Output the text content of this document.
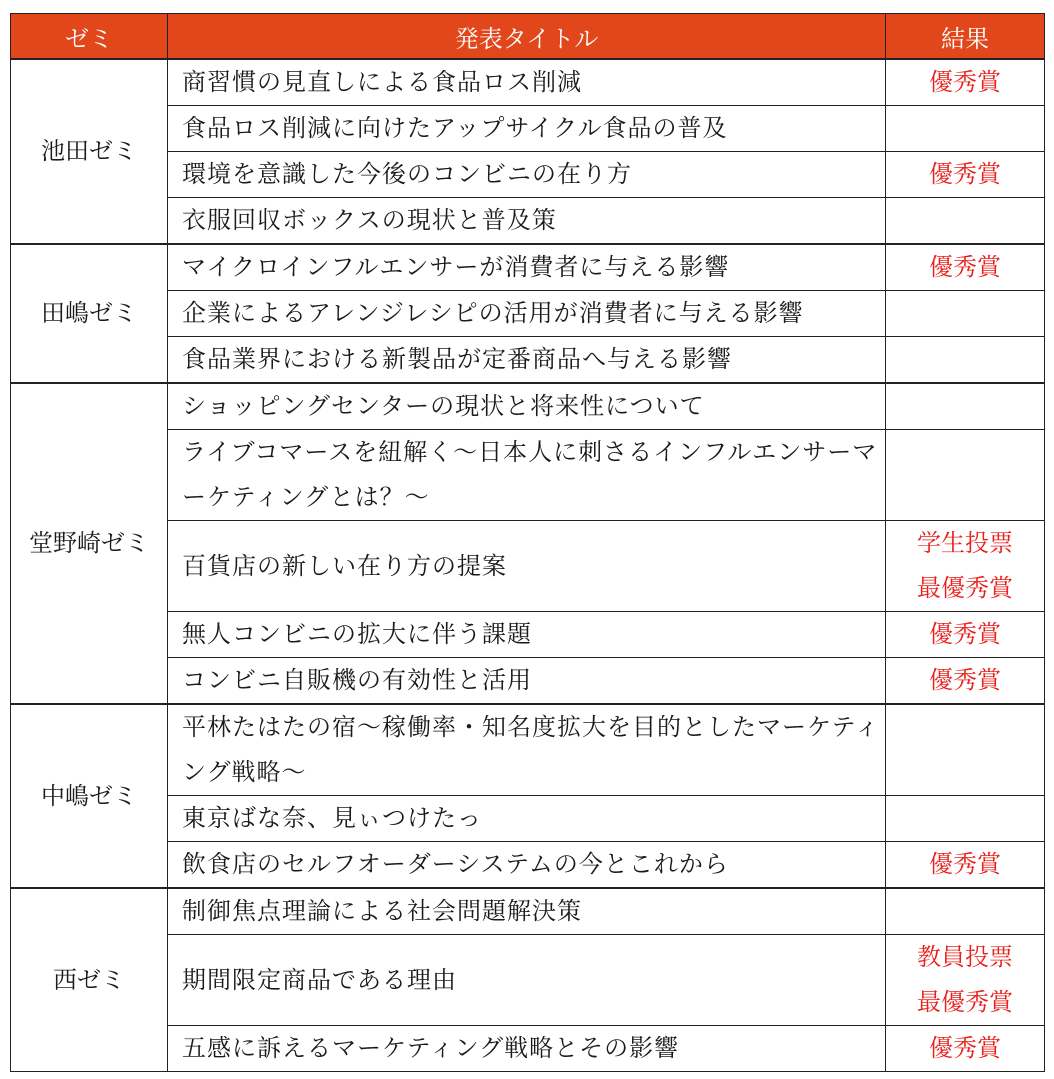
ゼミ	発表タイトル	結果
池田ゼミ	商習慣の見直しによる食品ロス削減	優秀賞
	食品ロス削減に向けたアップサイクル食品の普及	
	環境を意識した今後のコンビニの在り方	優秀賞
	衣服回収ボックスの現状と普及策	
田嶋ゼミ	マイクロインフルエンサーが消費者に与える影響	優秀賞
	企業によるアレンジレシピの活用が消費者に与える影響	
	食品業界における新製品が定番商品へ与える影響	
堂野崎ゼミ	ショッピングセンターの現状と将来性について	
	ライブコマースを紐解く～日本人に刺さるインフルエンサーマーケティングとは？～	
	百貨店の新しい在り方の提案	学生投票
最優秀賞
	無人コンビニの拡大に伴う課題	優秀賞
	コンビニ自販機の有効性と活用	優秀賞
中嶋ゼミ	平林たはたの宿～稼働率・知名度拡大を目的としたマーケティング戦略～	
	東京ばな奈、見ぃつけたっ	
	飲食店のセルフオーダーシステムの今とこれから	優秀賞
西ゼミ	制御焦点理論による社会問題解決策	
	期間限定商品である理由	教員投票
最優秀賞
	五感に訴えるマーケティング戦略とその影響	優秀賞
